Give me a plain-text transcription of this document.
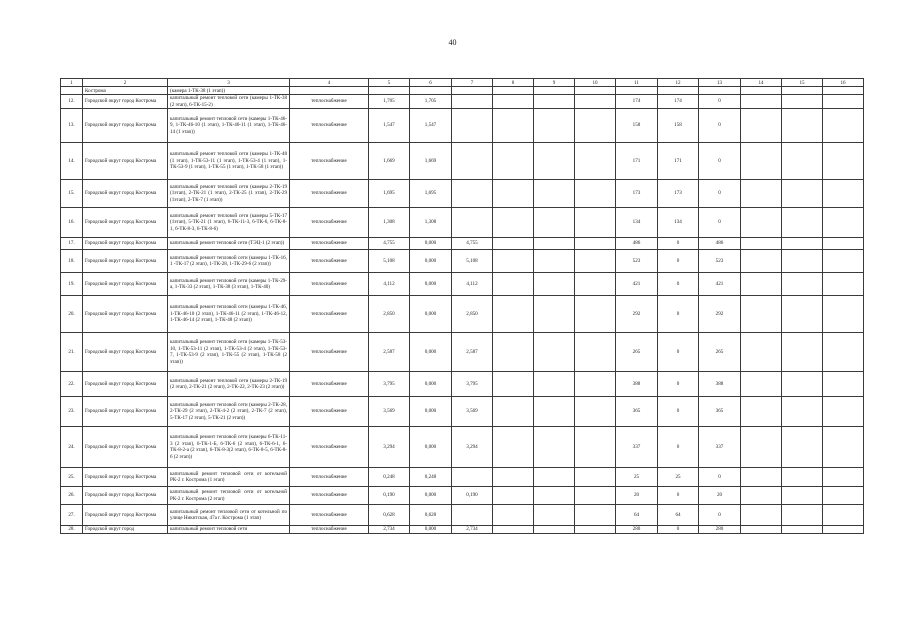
40
1	2	3	4	5	6	7	8	9	10	11	12	13	14	15	16
	Кострома	(камера 1-ТК-38 (1 этап))													
12.	Городской округ город Кострома	капитальный ремонт тепловой сети (камеры 1-ТК-38 (2 этап), 6-ТК-15-2)	теплоснабжение	1,705	1,705					174	174	0			
13.	Городской округ город Кострома	капитальный ремонт тепловой сети (камеры 1-ТК-46-9, 1-ТК-46-10 (1 этап), 1-ТК-46-11 (1 этап), 1-ТК-46-14 (1 этап))	теплоснабжение	1,547	1,547					158	158	0			
14.	Городской округ город Кострома	капитальный ремонт тепловой сети (камеры 1-ТК-48 (1 этап), 1-ТК-53-11 (1 этап), 1-ТК-53-4 (1 этап), 1-ТК-53-9 (1 этап), 1-ТК-55 (1 этап), 1-ТК-58 (1 этап))	теплоснабжение	1,669	1,669					171	171	0			
15.	Городской округ город Кострома	капитальный ремонт тепловой сети (камеры 2-ТК-19 (1этап), 2-ТК-21 (1 этап), 2-ТК-25 (1 этап), 2-ТК-29 (1этап), 2-ТК-7 (1 этап))	теплоснабжение	1,695	1,695					173	173	0			
16.	Городской округ город Кострома	капитальный ремонт тепловой сети (камеры 5-ТК-17 (1этап), 5-ТК-21 (1 этап), 6-ТК-11-3, 6-ТК-6, 6-ТК-8-1, 6-ТК-8-3, 6-ТК-8-6)	теплоснабжение	1,308	1,308					134	134	0			
17.	Городской округ город Кострома	капитальный ремонт тепловой сети (ТЭЦ-1 (2 этап))	теплоснабжение	4,755	0,000	4,755				486	0	486			
18.	Городской округ город Кострома	капитальный ремонт тепловой сети (камеры 1-ТК-16, 1 -ТК-17 (2 этап), 1-ТК-28, 1-ТК-29-6 (2 этап))	теплоснабжение	5,108	0,000	5,108				523	0	523			
19.	Городской округ город Кострома	капитальный ремонт тепловой сети (камеры 1-ТК-29-а, 1-ТК-33 (2 этап), 1-ТК-38 (3 этап), 1-ТК-40)	теплоснабжение	4,112	0,000	4,112				421	0	421			
20.	Городской округ город Кострома	капитальный ремонт тепловой сети (камеры 1-ТК-46, 1-ТК-46-10 (2 этап), 1-ТК-46-11 (2 этап), 1-ТК-46-12, 1-ТК-46-14 (2 этап), 1-ТК-48 (2 этап))	теплоснабжение	2,850	0,000	2,850				292	0	292			
21.	Городской округ город Кострома	капитальный ремонт тепловой сети (камеры 1-ТК-53-10, 1-ТК-53-11 (2 этап), 1-ТК-53-4 (2 этап), 1-ТК-53-7, 1-ТК-53-9 (2 этап), 1-ТК-55 (2 этап), 1-ТК-58 (2 этап))	теплоснабжение	2,587	0,000	2,587				265	0	265			
22.	Городской округ город Кострома	капитальный ремонт тепловой сети (камеры 2-ТК-19 (2 этап), 2-ТК-21 (2 этап), 2-ТК-22, 2-ТК-23 (2 этап))	теплоснабжение	3,795	0,000	3,795				388	0	388			
23.	Городской округ город Кострома	капитальный ремонт тепловой сети (камеры 2-ТК-28, 2-ТК-29 (2 этап), 2-ТК-4-2 (2 этап), 2-ТК-7 (2 этап), 5-ТК-17 (2 этап), 5-ТК-21 (2 этап))	теплоснабжение	3,569	0,000	3,569				365	0	365			
24.	Городской округ город Кострома	капитальный ремонт тепловой сети (камеры 6-ТК-11-3 (2 этап), 6-ТК-1-Б, 6-ТК-6 (2 этап), 6-ТК-6-1, 6-ТК-8-2-а (2 этап), 6-ТК-8-3(2 этап), 6-ТК-8-5, 6-ТК-8-6 (2 этап))	теплоснабжение	3,294	0,000	3,294				337	0	337			
25.	Городской округ город Кострома	капитальный ремонт тепловой сети от котельной РК-2 г. Кострома (1 этап)	теплоснабжение	0,248	0,248					25	25	0			
26.	Городской округ город Кострома	капитальный ремонт тепловой сети от котельной РК-2 г. Кострома (2 этап)	теплоснабжение	0,190	0,000	0,190				20	0	20			
27.	Городской округ город Кострома	капитальный ремонт тепловой сети от котельной по улице Никитская, 47а г. Кострома (1 этап)	теплоснабжение	0,628	0,628					64	64	0			
28.	Городской округ город	капитальный ремонт тепловой сети	теплоснабжение	2,734	0,000	2,734				280	0	280			
